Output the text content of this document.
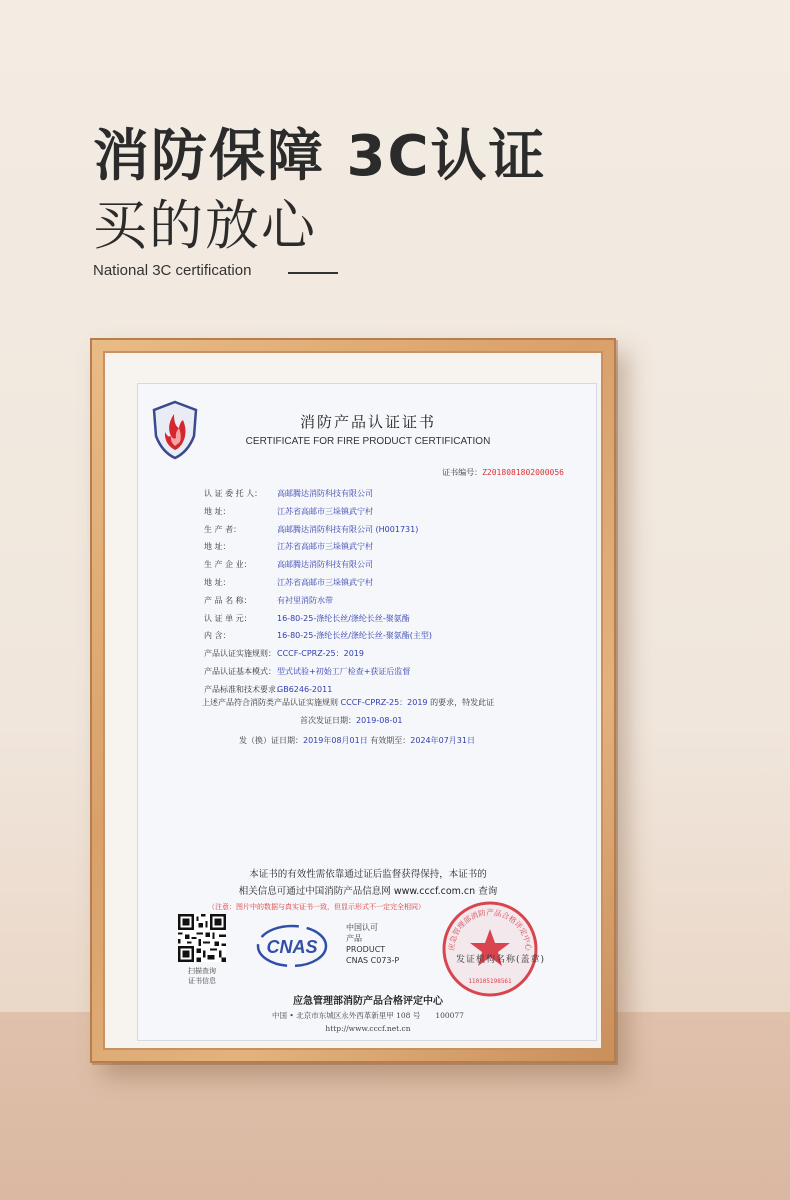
消防保障 3C认证
买的放心
National 3C certification
消防产品认证证书
CERTIFICATE FOR FIRE PRODUCT CERTIFICATION
证书编号：Z2018081802000056
认 证 委 托 人： 高邮腾达消防科技有限公司
地 址：	江苏省高邮市三垛镇武宁村
生 产 者：	高邮腾达消防科技有限公司 (H001731)
地 址：	江苏省高邮市三垛镇武宁村
生 产 企 业：	高邮腾达消防科技有限公司
地 址：	江苏省高邮市三垛镇武宁村
产 品 名 称：	有衬里消防水带
认 证 单 元：	16-80-25-涤纶长丝/涤纶长丝-聚氨酯
内 含：	16-80-25-涤纶长丝/涤纶长丝-聚氨酯(主型)
产品认证实施规则：CCCF-CPRZ-25：2019
产品认证基本模式：型式试验+初始工厂检查+获证后监督
产品标准和技术要求：GB6246-2011
上述产品符合消防类产品认证实施规则 CCCF-CPRZ-25：2019 的要求，特发此证
首次发证日期：2019-08-01
发（换）证日期：2019年08月01日 有效期至：2024年07月31日
本证书的有效性需依靠通过证后监督获得保持，本证书的
相关信息可通过中国消防产品信息网 www.cccf.com.cn 查询
（注意：图片中的数据与真实证书一致，但显示形式不一定完全相同）
扫描查询
证书信息
CNAS
中国认可
产品
PRODUCT
CNAS C073-P
应急管理部消防产品合格评定中心
110105198561
发证机构名称(盖章)
应急管理部消防产品合格评定中心
中国 • 北京市东城区永外西革新里甲 108 号　　100077
http://www.cccf.net.cn
